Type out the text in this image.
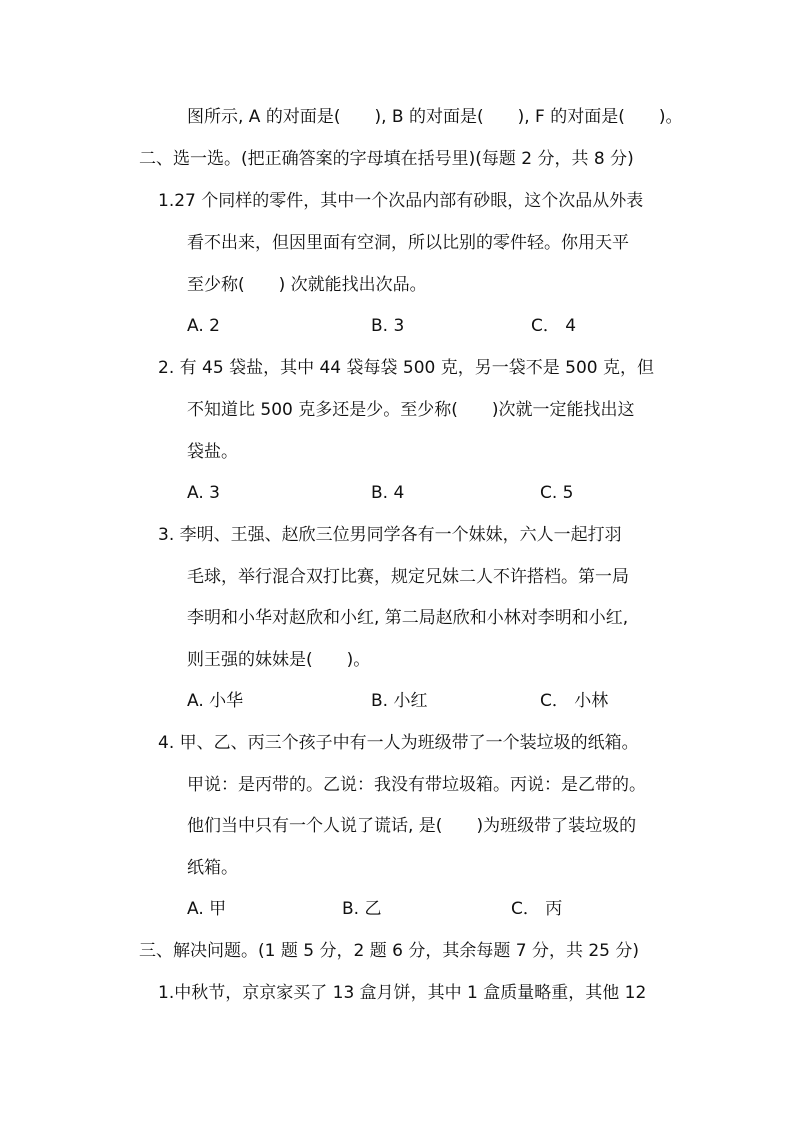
图所示, A 的对面是(　　), B 的对面是(　　), F 的对面是(　　)。
二、选一选。(把正确答案的字母填在括号里)(每题 2 分，共 8 分)
1.27 个同样的零件，其中一个次品内部有砂眼，这个次品从外表
看不出来，但因里面有空洞，所以比别的零件轻。你用天平
至少称(　　) 次就能找出次品。
A. 2	B. 3	C． 4
2. 有 45 袋盐，其中 44 袋每袋 500 克，另一袋不是 500 克，但
不知道比 500 克多还是少。至少称(　　)次就一定能找出这
袋盐。
A. 3	B. 4	C. 5
3. 李明、王强、赵欣三位男同学各有一个妹妹，六人一起打羽
毛球，举行混合双打比赛，规定兄妹二人不许搭档。第一局
李明和小华对赵欣和小红, 第二局赵欣和小林对李明和小红,
则王强的妹妹是(　　)。
A. 小华	B. 小红	C． 小林
4. 甲、乙、丙三个孩子中有一人为班级带了一个装垃圾的纸箱。
甲说：是丙带的。乙说：我没有带垃圾箱。丙说：是乙带的。
他们当中只有一个人说了谎话, 是(　　)为班级带了装垃圾的
纸箱。
A. 甲	B. 乙	C． 丙
三、解决问题。(1 题 5 分，2 题 6 分，其余每题 7 分，共 25 分)
1.中秋节，京京家买了 13 盒月饼，其中 1 盒质量略重，其他 12
